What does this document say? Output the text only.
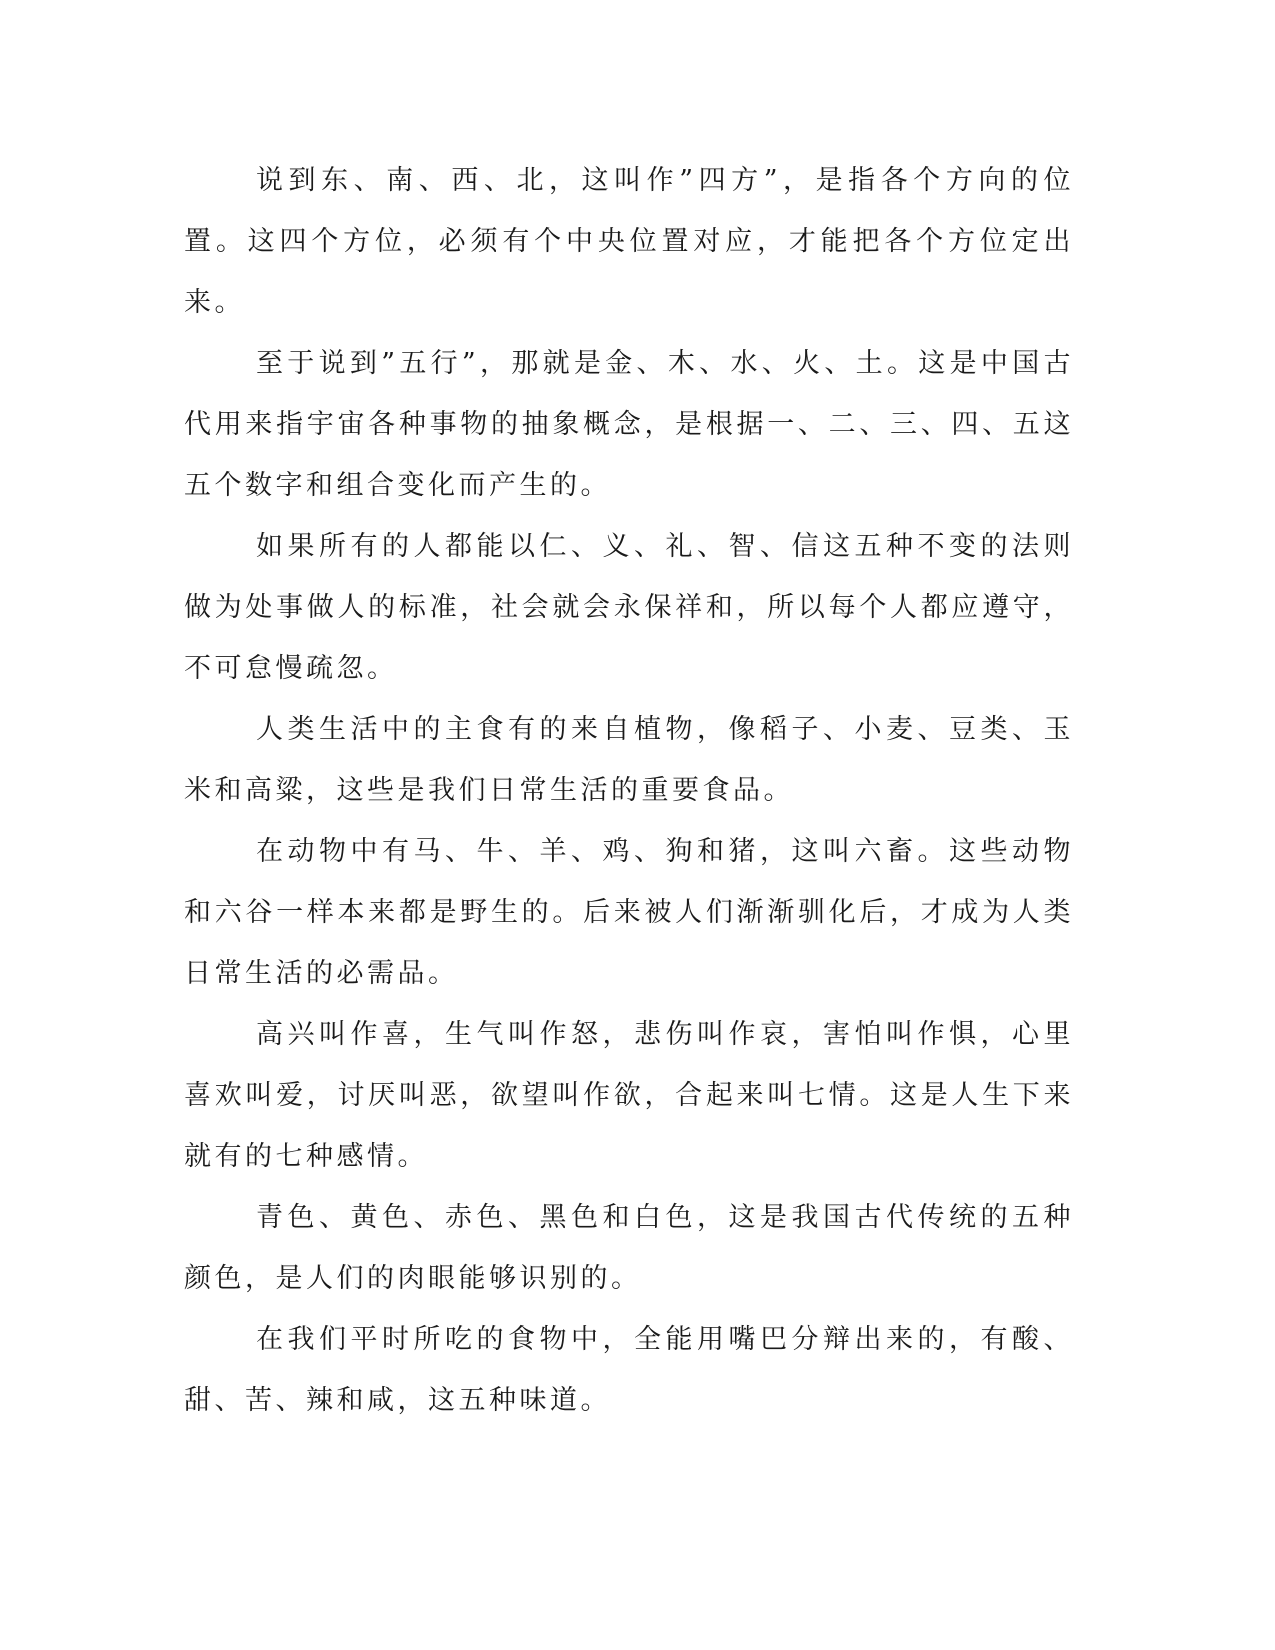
说到东、南、西、北，这叫作”四方”，是指各个方向的位置。这四个方位，必须有个中央位置对应，才能把各个方位定出来。

至于说到”五行”，那就是金、木、水、火、土。这是中国古代用来指宇宙各种事物的抽象概念，是根据一、二、三、四、五这五个数字和组合变化而产生的。

如果所有的人都能以仁、义、礼、智、信这五种不变的法则做为处事做人的标准，社会就会永保祥和，所以每个人都应遵守，不可怠慢疏忽。

人类生活中的主食有的来自植物，像稻子、小麦、豆类、玉米和高粱，这些是我们日常生活的重要食品。

在动物中有马、牛、羊、鸡、狗和猪，这叫六畜。这些动物和六谷一样本来都是野生的。后来被人们渐渐驯化后，才成为人类日常生活的必需品。

高兴叫作喜，生气叫作怒，悲伤叫作哀，害怕叫作惧，心里喜欢叫爱，讨厌叫恶，欲望叫作欲，合起来叫七情。这是人生下来就有的七种感情。

青色、黄色、赤色、黑色和白色，这是我国古代传统的五种颜色，是人们的肉眼能够识别的。

在我们平时所吃的食物中，全能用嘴巴分辩出来的，有酸、甜、苦、辣和咸，这五种味道。
